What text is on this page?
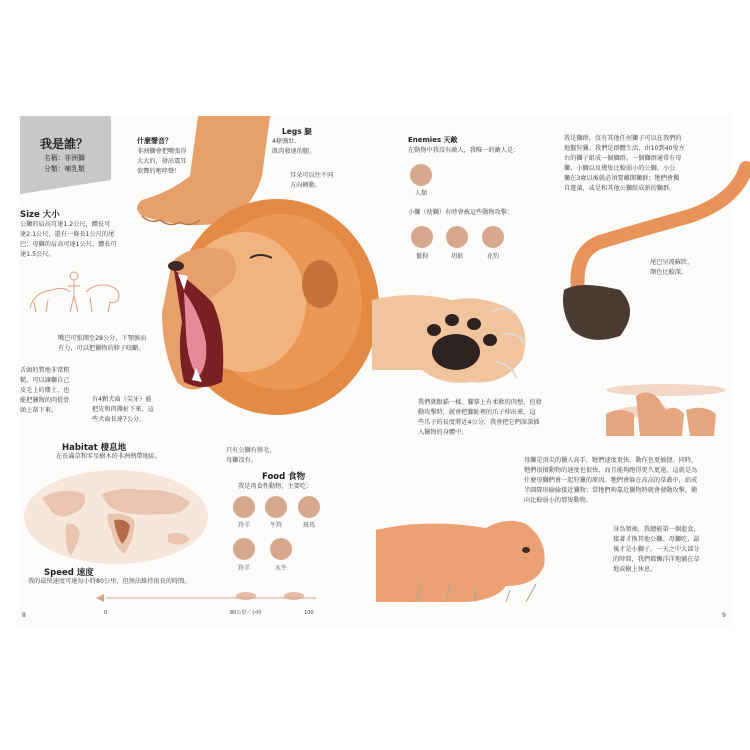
我是誰？
名稱：非洲獅
分類：哺乳類
什麼聲音？
非洲獅會把嘴張得
大大的，發出震耳
欲聾的咆哮聲！
Legs 腿
4條強壯、
肌肉發達的腿。
耳朵可以往不同
方向轉動。
Size 大小
公獅的肩高可達1.2公尺，體長可
達2.1公尺，還有一條長1公尺的尾
巴；母獅的肩高可達1公尺，體長可
達1.5公尺。
嘴巴可張開至28公分，下顎強而
有力，可以把獵物的脖子咬斷。
舌頭的質地非常粗
糙，可以讓獅自己
皮毛上的塵土，也
能把獵物的肉從骨
頭上刮下來。
有4顆犬齒（尖牙）能
把皮和肉撕扯下來，這
些犬齒長達7公分。
只有公獅有鬃毛，
母獅沒有。
Habitat 棲息地
在長滿草和零星樹木的非洲熱帶地區。
Food 食物
我是肉食性動物，主要吃：
羚羊	牛羚	斑馬
羚羊	水牛
Speed 速度
我的最快速度可達每小時80公里，但無法維持很長的時間。
0	80公里／小時	100
8
Enemies 天敵
在動物中我沒有敵人，我唯一的敵人是：
人類
小獅（幼獅）有時會被這些動物攻擊：
鬣狗	胡狼	花豹
我是獅群，沒有其他任何獅子可以在我們的
地盤狩獵。我們是群體生活，由10到40隻左
右的獅子組成一個獅群。一個獅群通常有母
獅、小獅以及幾隻比較弱小的公獅。小公
獅在3歲以後就必須要離開獅群；牠們會獨
自遊蕩，或是和其他公獅組成新的獅群。
尾巴呈流蘇狀，
顏色比較深。
我們就跟貓一樣，腳掌上有柔軟的肉墊，但發
動攻擊時，就會把腳趾裡的爪子伸出來，這
些爪子的長度將近4公分，我會把它們深深插
入獵物的身體中。
母獅是頂尖的獵人高手，牠們速度更快，動作也更敏捷。同時，
牠們很擅動物的速度也很快，而且能夠跑得更久更遠，這就是為
什麼母獅們會一起狩獵的原因。牠們會躲在高高的草叢中，站成
半圓隊形偷偷接近獵物；當牠們夠靠近獵物時就會發動攻擊，衝
向比較弱小的那隻動物。
身為領袖，我總能第一個進食，
接著才換其他公獅、母獅吃，最
後才是小獅子。一天之中大部分
的時間，我們都懶洋洋地躺在草
地或樹上休息。
9
